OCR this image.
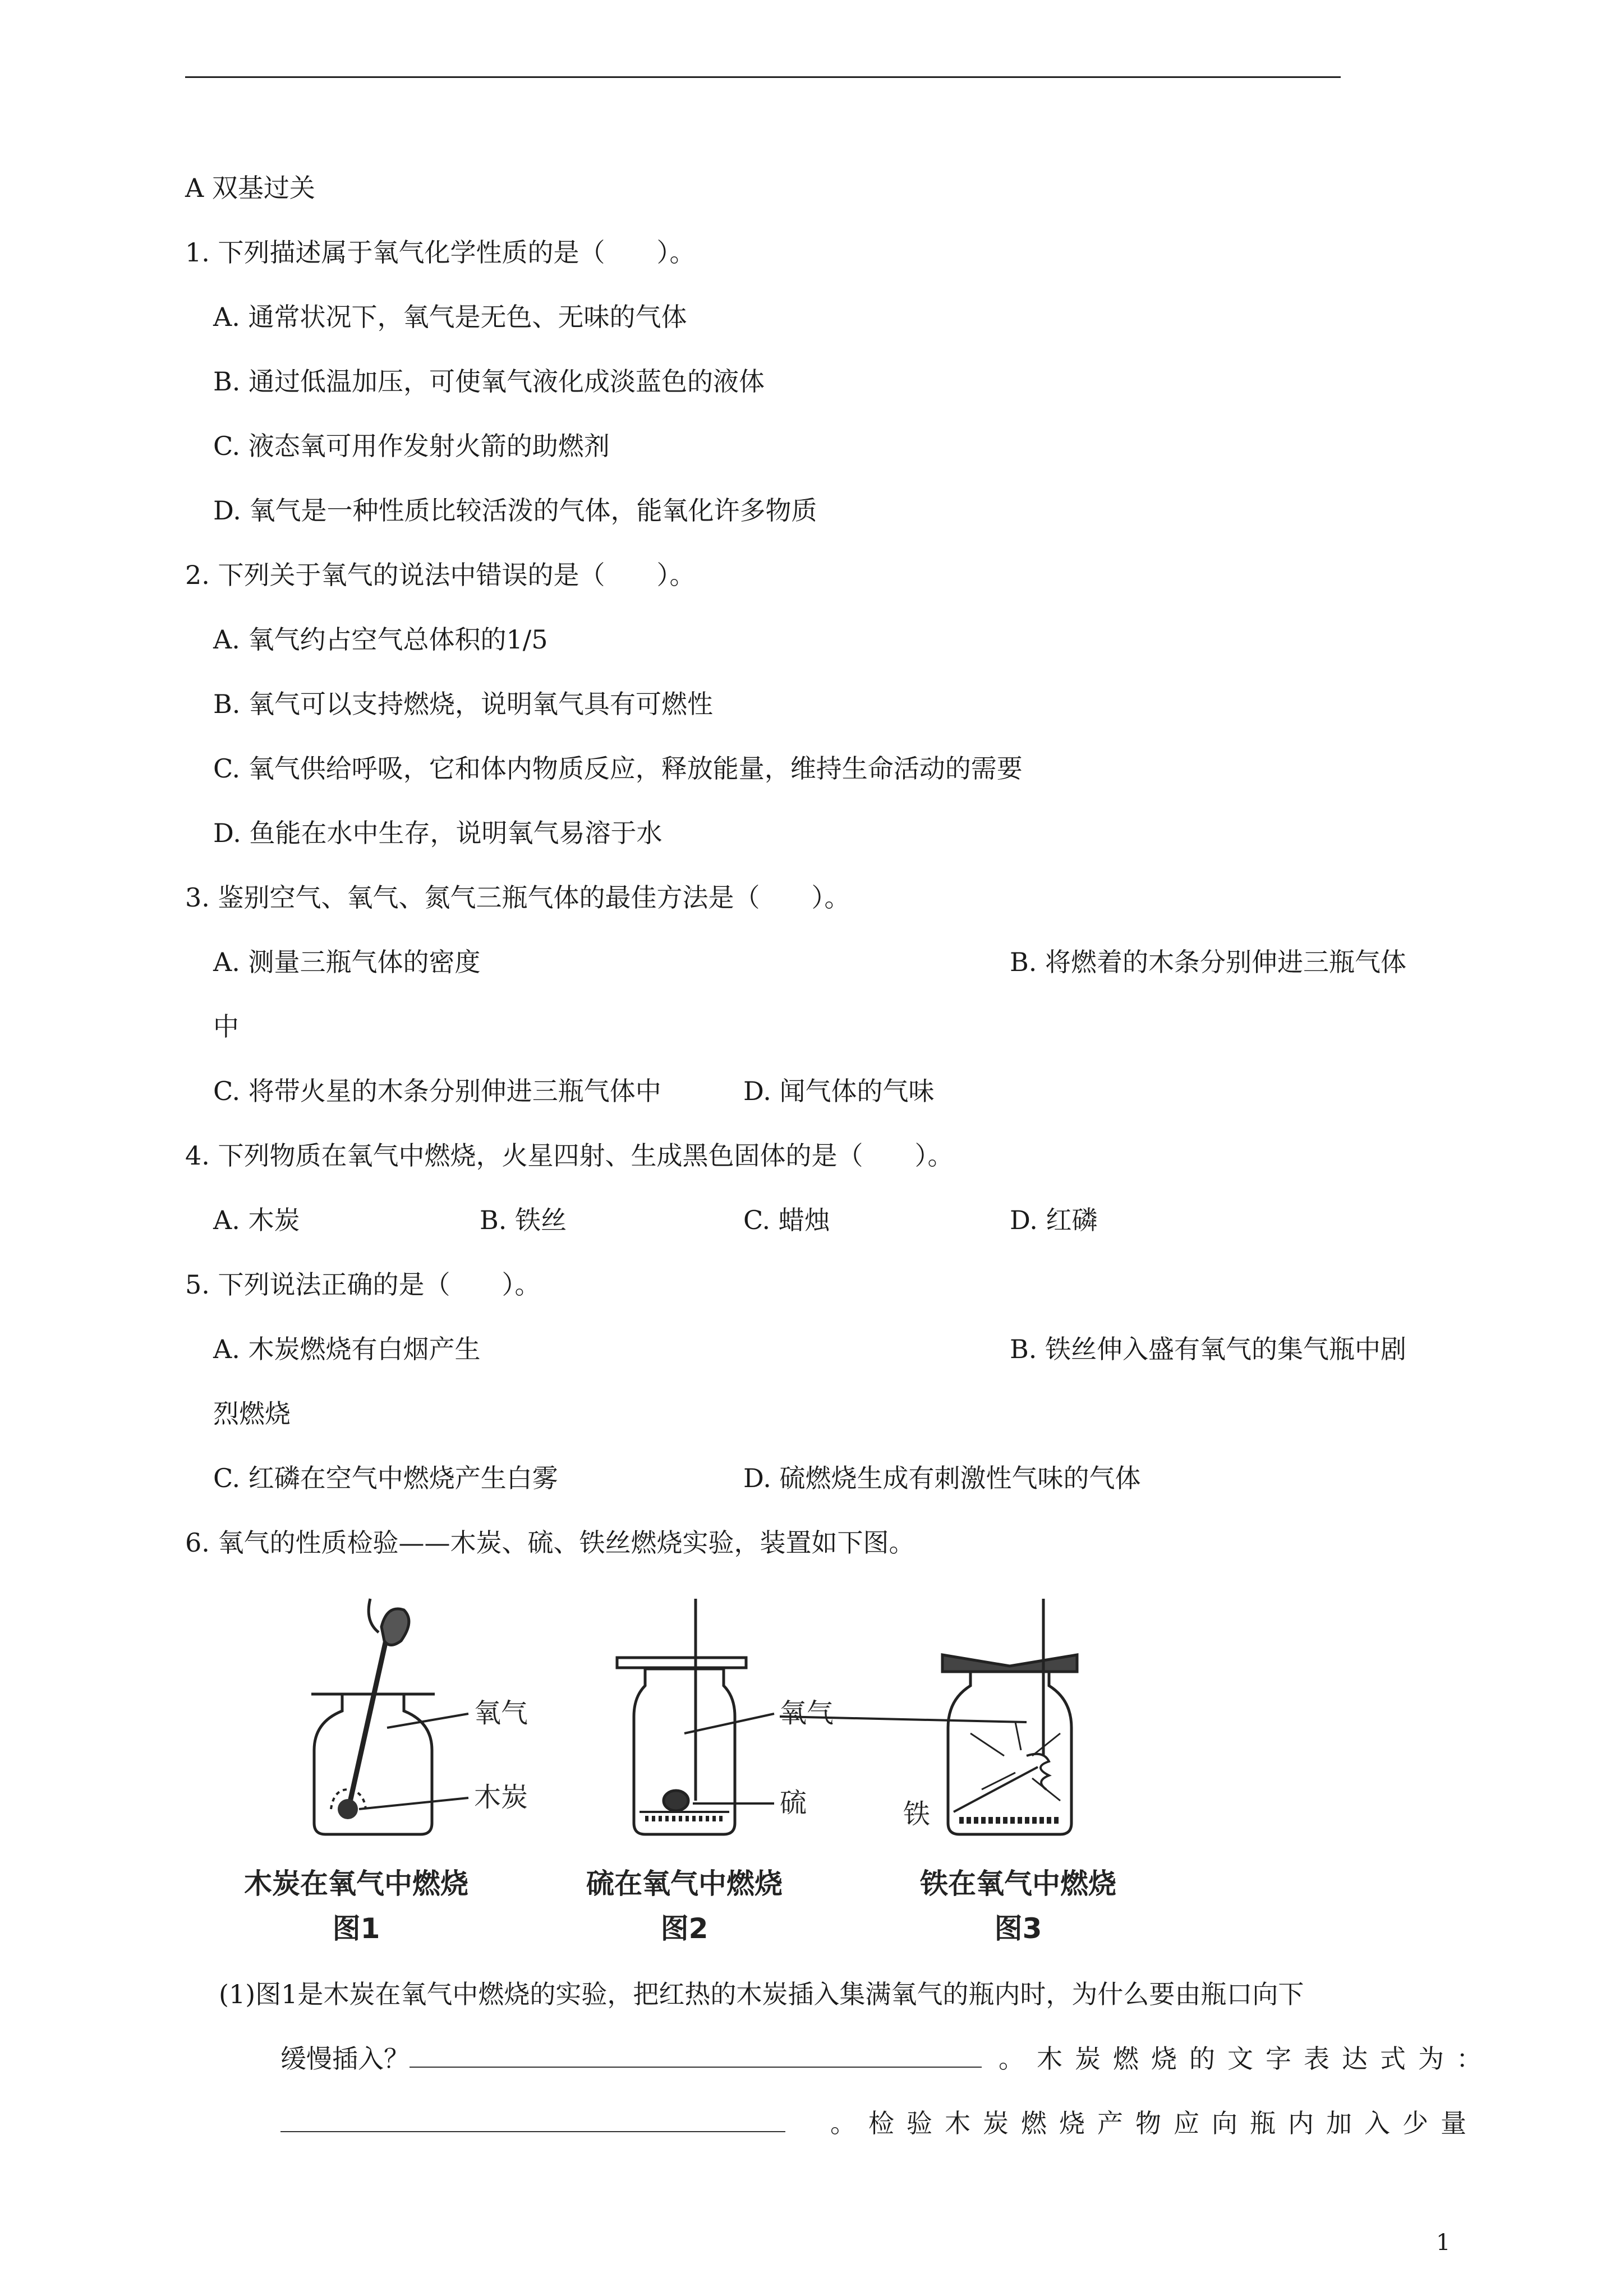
A 双基过关
1. 下列描述属于氧气化学性质的是（　　）。
A. 通常状况下，氧气是无色、无味的气体
B. 通过低温加压，可使氧气液化成淡蓝色的液体
C. 液态氧可用作发射火箭的助燃剂
D. 氧气是一种性质比较活泼的气体，能氧化许多物质
2. 下列关于氧气的说法中错误的是（　　）。
A. 氧气约占空气总体积的1/5
B. 氧气可以支持燃烧，说明氧气具有可燃性
C. 氧气供给呼吸，它和体内物质反应，释放能量，维持生命活动的需要
D. 鱼能在水中生存，说明氧气易溶于水
3. 鉴别空气、氧气、氮气三瓶气体的最佳方法是（　　）。
A. 测量三瓶气体的密度	B. 将燃着的木条分别伸进三瓶气体
中
C. 将带火星的木条分别伸进三瓶气体中	D. 闻气体的气味
4. 下列物质在氧气中燃烧，火星四射、生成黑色固体的是（　　）。
A. 木炭	B. 铁丝	C. 蜡烛	D. 红磷
5. 下列说法正确的是（　　）。
A. 木炭燃烧有白烟产生	B. 铁丝伸入盛有氧气的集气瓶中剧
烈燃烧
C. 红磷在空气中燃烧产生白雾	D. 硫燃烧生成有刺激性气味的气体
6. 氧气的性质检验——木炭、硫、铁丝燃烧实验，装置如下图。
氧气
木炭
木炭在氧气中燃烧
图1
氧气
硫
硫在氧气中燃烧
图2
铁
铁在氧气中燃烧
图3
(1)图1是木炭在氧气中燃烧的实验，把红热的木炭插入集满氧气的瓶内时，为什么要由瓶口向下
缓慢插入？	。木炭燃烧的文字表达式为：
。检验木炭燃烧产物应向瓶内加入少量
1
